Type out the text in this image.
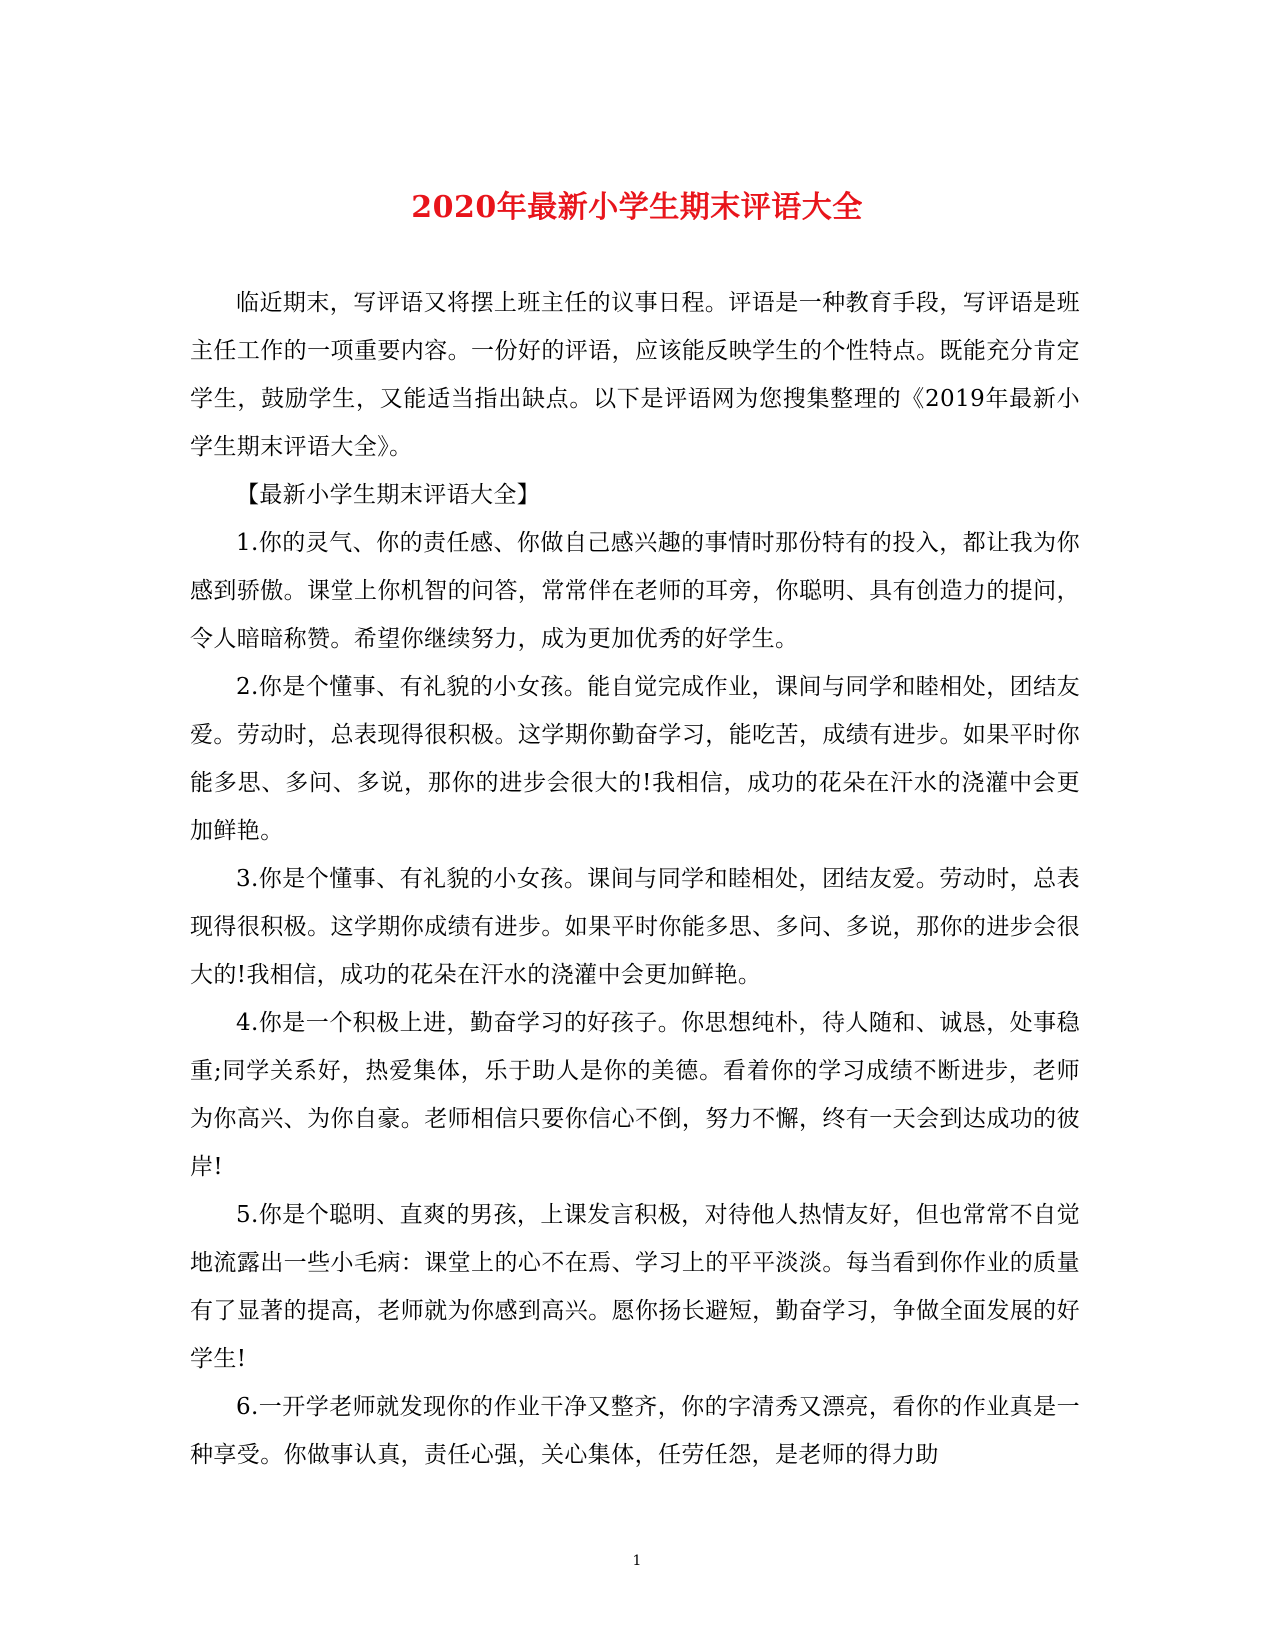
2020年最新小学生期末评语大全

临近期末，写评语又将摆上班主任的议事日程。评语是一种教育手段，写评语是班主任工作的一项重要内容。一份好的评语，应该能反映学生的个性特点。既能充分肯定学生，鼓励学生，又能适当指出缺点。以下是评语网为您搜集整理的《2019年最新小学生期末评语大全》。

【最新小学生期末评语大全】

1.你的灵气、你的责任感、你做自己感兴趣的事情时那份特有的投入，都让我为你感到骄傲。课堂上你机智的问答，常常伴在老师的耳旁，你聪明、具有创造力的提问，令人暗暗称赞。希望你继续努力，成为更加优秀的好学生。

2.你是个懂事、有礼貌的小女孩。能自觉完成作业，课间与同学和睦相处，团结友爱。劳动时，总表现得很积极。这学期你勤奋学习，能吃苦，成绩有进步。如果平时你能多思、多问、多说，那你的进步会很大的!我相信，成功的花朵在汗水的浇灌中会更加鲜艳。

3.你是个懂事、有礼貌的小女孩。课间与同学和睦相处，团结友爱。劳动时，总表现得很积极。这学期你成绩有进步。如果平时你能多思、多问、多说，那你的进步会很大的!我相信，成功的花朵在汗水的浇灌中会更加鲜艳。

4.你是一个积极上进，勤奋学习的好孩子。你思想纯朴，待人随和、诚恳，处事稳重;同学关系好，热爱集体，乐于助人是你的美德。看着你的学习成绩不断进步，老师为你高兴、为你自豪。老师相信只要你信心不倒，努力不懈，终有一天会到达成功的彼岸!

5.你是个聪明、直爽的男孩，上课发言积极，对待他人热情友好，但也常常不自觉地流露出一些小毛病：课堂上的心不在焉、学习上的平平淡淡。每当看到你作业的质量有了显著的提高，老师就为你感到高兴。愿你扬长避短，勤奋学习，争做全面发展的好学生!

6.一开学老师就发现你的作业干净又整齐，你的字清秀又漂亮，看你的作业真是一种享受。你做事认真，责任心强，关心集体，任劳任怨，是老师的得力助

1
